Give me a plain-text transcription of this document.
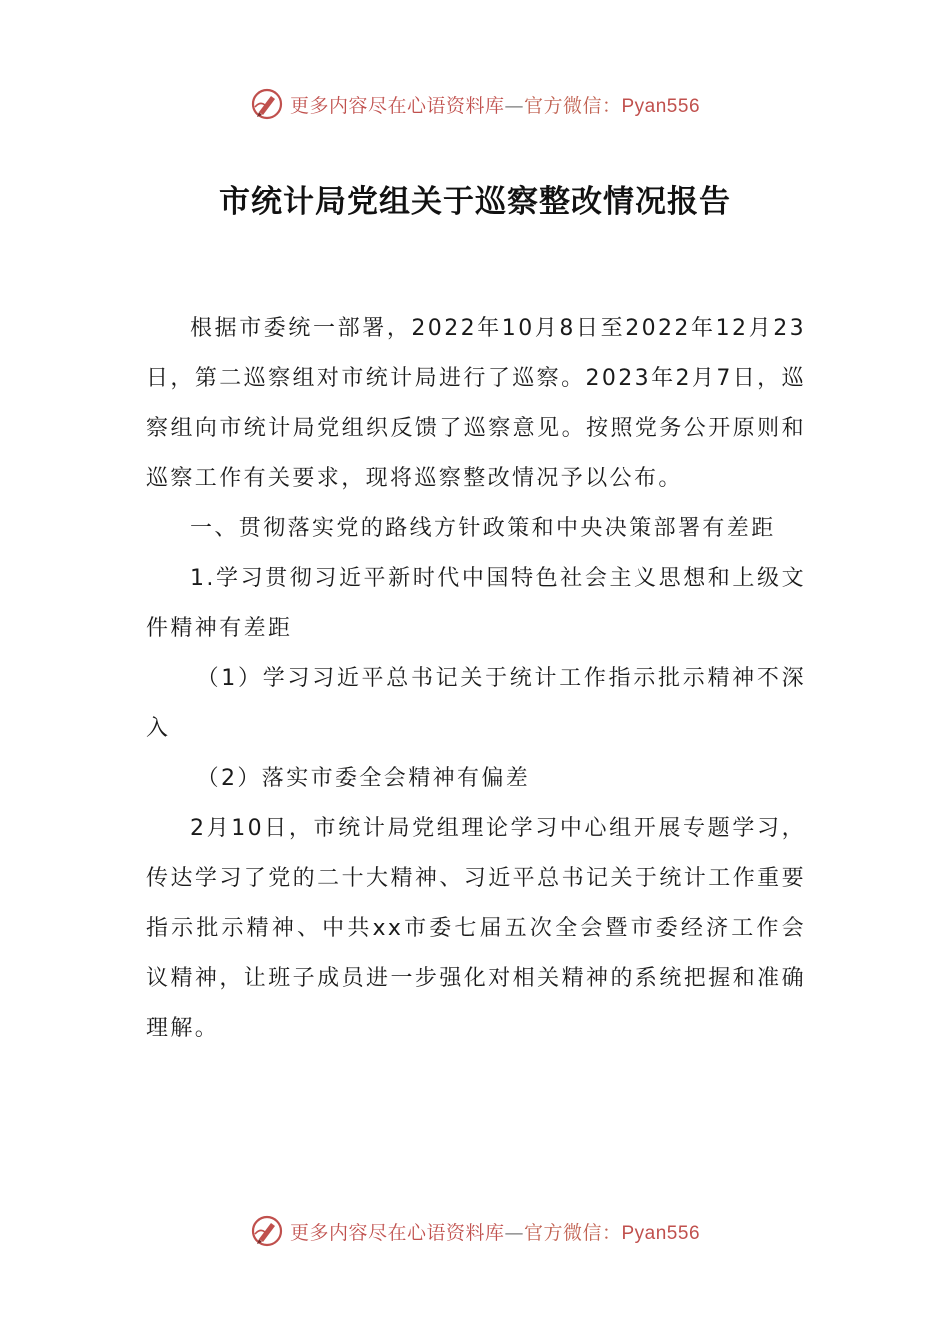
更多内容尽在心语资料库—官方微信：Pyan556
市统计局党组关于巡察整改情况报告

根据市委统一部署，2022年10月8日至2022年12月23日，第二巡察组对市统计局进行了巡察。2023年2月7日，巡察组向市统计局党组织反馈了巡察意见。按照党务公开原则和巡察工作有关要求，现将巡察整改情况予以公布。

一、贯彻落实党的路线方针政策和中央决策部署有差距

1.学习贯彻习近平新时代中国特色社会主义思想和上级文件精神有差距

（1）学习习近平总书记关于统计工作指示批示精神不深入

（2）落实市委全会精神有偏差

2月10日，市统计局党组理论学习中心组开展专题学习，传达学习了党的二十大精神、习近平总书记关于统计工作重要指示批示精神、中共xx市委七届五次全会暨市委经济工作会议精神，让班子成员进一步强化对相关精神的系统把握和准确理解。

更多内容尽在心语资料库—官方微信：Pyan556
